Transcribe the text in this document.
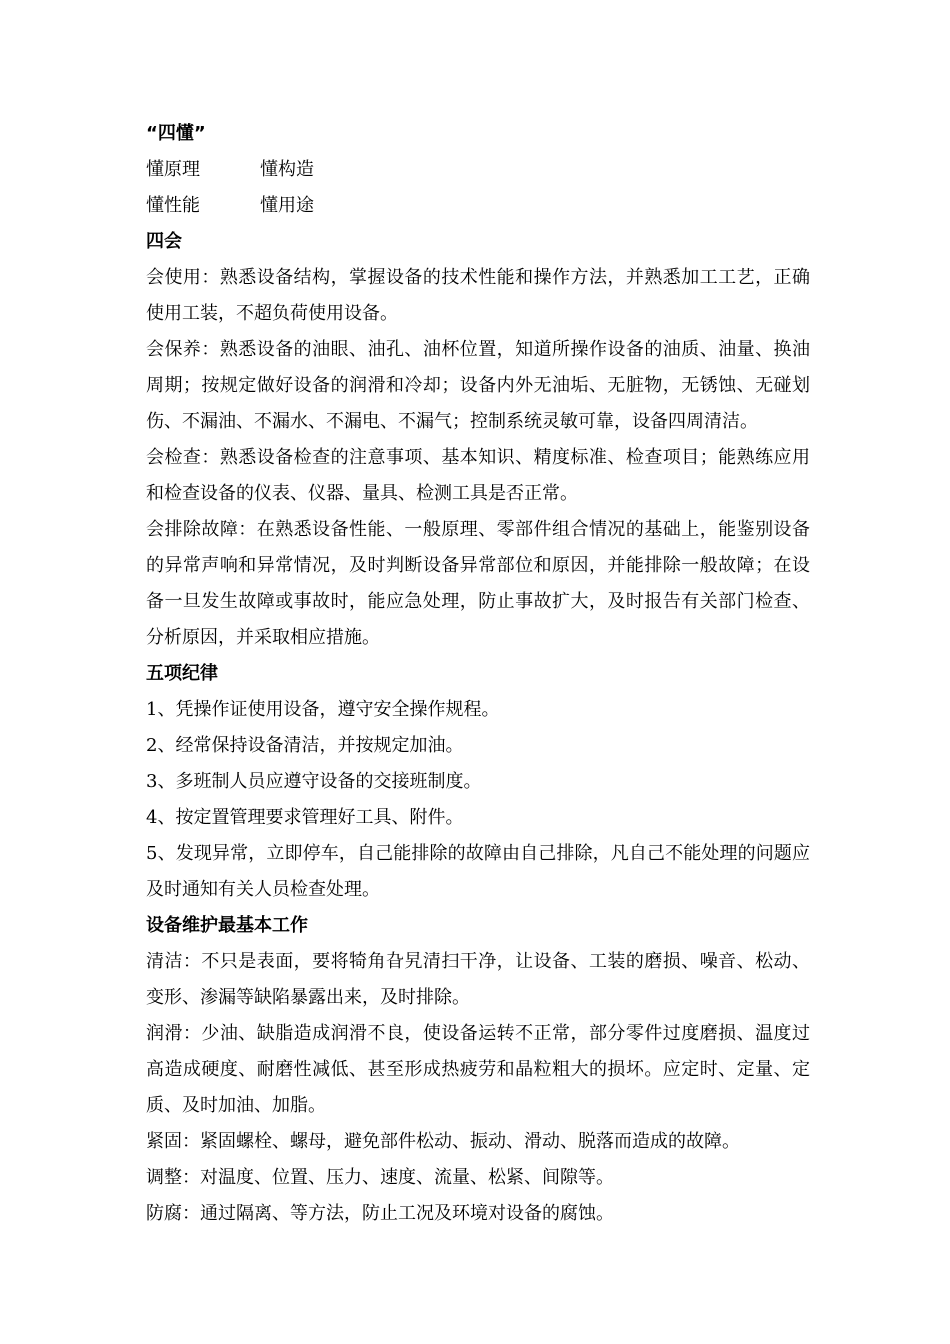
“四懂”
懂原理	懂构造
懂性能	懂用途
四会
会使用：熟悉设备结构，掌握设备的技术性能和操作方法，并熟悉加工工艺，正确使用工装，不超负荷使用设备。
会保养：熟悉设备的油眼、油孔、油杯位置，知道所操作设备的油质、油量、换油周期；按规定做好设备的润滑和冷却；设备内外无油垢、无脏物，无锈蚀、无碰划伤、不漏油、不漏水、不漏电、不漏气；控制系统灵敏可靠，设备四周清洁。
会检查：熟悉设备检查的注意事项、基本知识、精度标准、检查项目；能熟练应用和检查设备的仪表、仪器、量具、检测工具是否正常。
会排除故障：在熟悉设备性能、一般原理、零部件组合情况的基础上，能鉴别设备的异常声响和异常情况，及时判断设备异常部位和原因，并能排除一般故障；在设备一旦发生故障或事故时，能应急处理，防止事故扩大，及时报告有关部门检查、分析原因，并采取相应措施。
五项纪律
1、凭操作证使用设备，遵守安全操作规程。
2、经常保持设备清洁，并按规定加油。
3、多班制人员应遵守设备的交接班制度。
4、按定置管理要求管理好工具、附件。
5、发现异常，立即停车，自己能排除的故障由自己排除，凡自己不能处理的问题应及时通知有关人员检查处理。
设备维护最基本工作
清洁：不只是表面，要将犄角旮旯清扫干净，让设备、工装的磨损、噪音、松动、变形、渗漏等缺陷暴露出来，及时排除。
润滑：少油、缺脂造成润滑不良，使设备运转不正常，部分零件过度磨损、温度过高造成硬度、耐磨性减低、甚至形成热疲劳和晶粒粗大的损坏。应定时、定量、定质、及时加油、加脂。
紧固：紧固螺栓、螺母，避免部件松动、振动、滑动、脱落而造成的故障。
调整：对温度、位置、压力、速度、流量、松紧、间隙等。
防腐：通过隔离、等方法，防止工况及环境对设备的腐蚀。
